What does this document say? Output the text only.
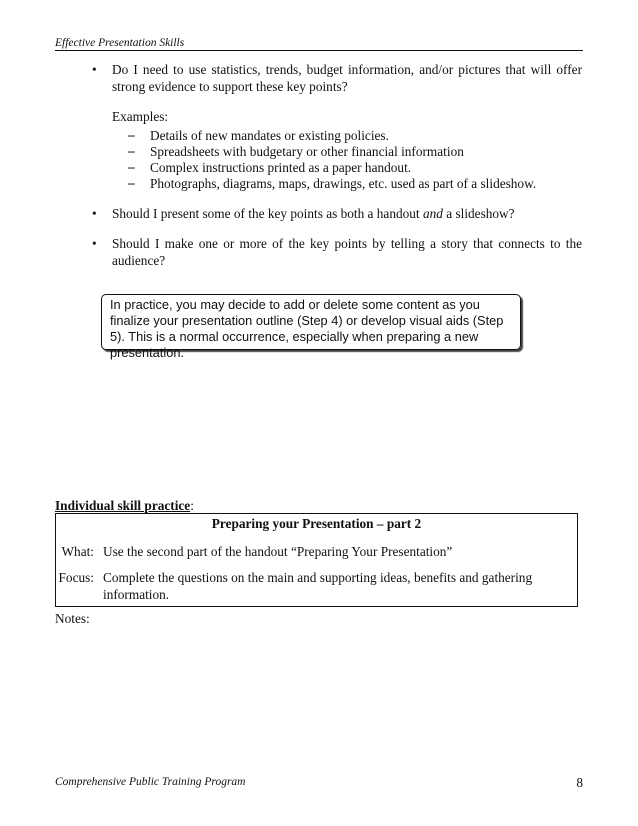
Effective Presentation Skills
• Do I need to use statistics, trends, budget information, and/or pictures that will offer strong evidence to support these key points?
Examples:
– Details of new mandates or existing policies.
– Spreadsheets with budgetary or other financial information
– Complex instructions printed as a paper handout.
– Photographs, diagrams, maps, drawings, etc. used as part of a slideshow.
• Should I present some of the key points as both a handout and a slideshow?
• Should I make one or more of the key points by telling a story that connects to the audience?
In practice, you may decide to add or delete some content as you finalize your presentation outline (Step 4) or develop visual aids (Step 5). This is a normal occurrence, especially when preparing a new presentation.
Individual skill practice:
Preparing your Presentation – part 2
What: Use the second part of the handout “Preparing Your Presentation”
Focus: Complete the questions on the main and supporting ideas, benefits and gathering information.
Notes:
Comprehensive Public Training Program	8
